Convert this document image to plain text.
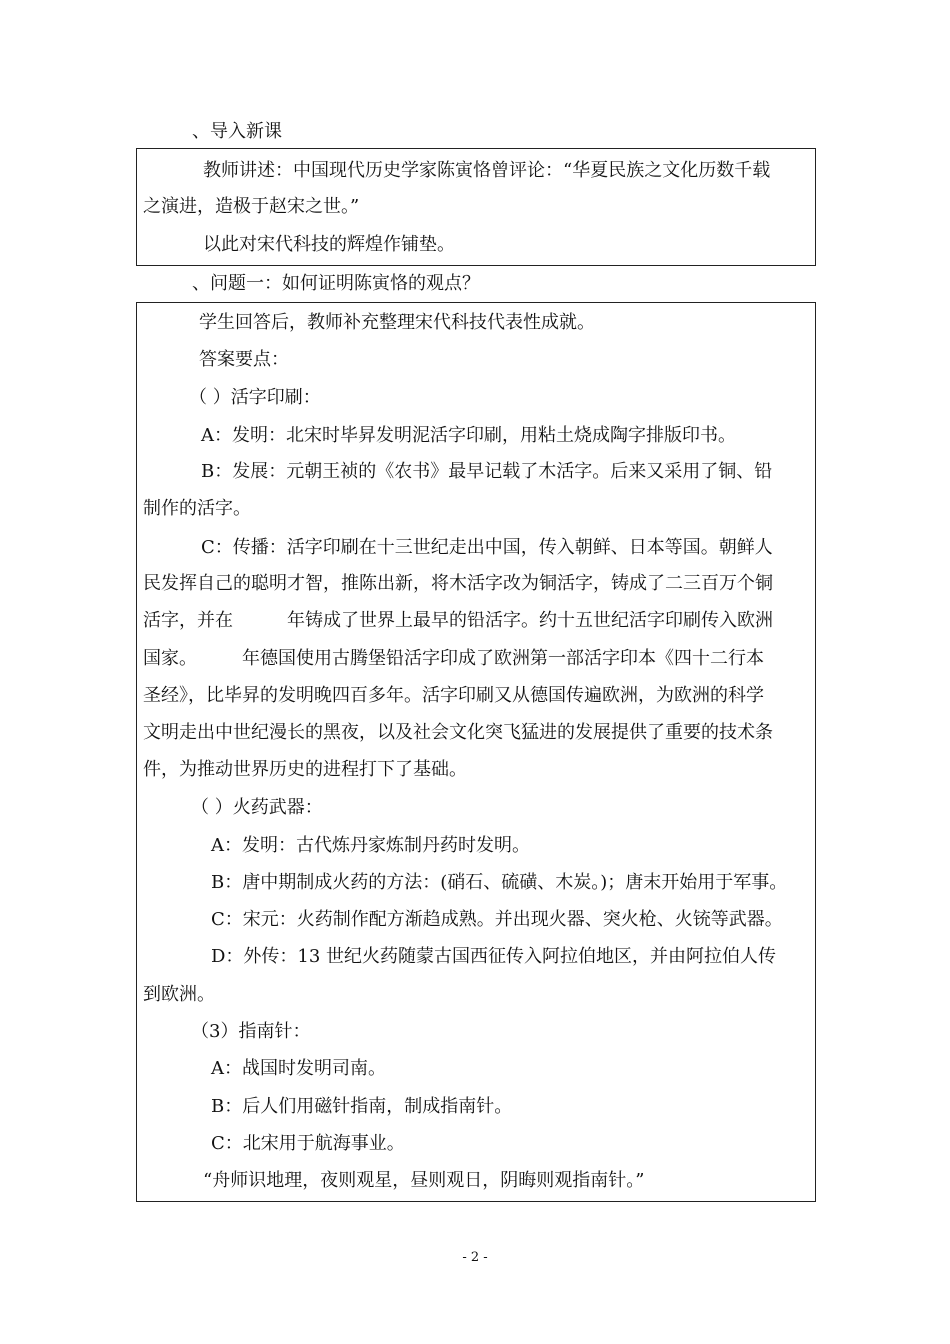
、导入新课
教师讲述：中国现代历史学家陈寅恪曾评论：“华夏民族之文化历数千载
之演进，造极于赵宋之世。”
以此对宋代科技的辉煌作铺垫。
、问题一：如何证明陈寅恪的观点？
学生回答后，教师补充整理宋代科技代表性成就。
答案要点：
（ ）活字印刷：
A：发明：北宋时毕昇发明泥活字印刷，用粘土烧成陶字排版印书。
B：发展：元朝王祯的《农书》最早记载了木活字。后来又采用了铜、铅
制作的活字。
C：传播：活字印刷在十三世纪走出中国，传入朝鲜、日本等国。朝鲜人
民发挥自己的聪明才智，推陈出新，将木活字改为铜活字，铸成了二三百万个铜
活字，并在　　　年铸成了世界上最早的铅活字。约十五世纪活字印刷传入欧洲
国家。　　　年德国使用古腾堡铅活字印成了欧洲第一部活字印本《四十二行本
圣经》，比毕昇的发明晚四百多年。活字印刷又从德国传遍欧洲，为欧洲的科学
文明走出中世纪漫长的黑夜，以及社会文化突飞猛进的发展提供了重要的技术条
件，为推动世界历史的进程打下了基础。
（ ）火药武器：
A：发明：古代炼丹家炼制丹药时发明。
B：唐中期制成火药的方法：(硝石、硫磺、木炭。)；唐末开始用于军事。
C：宋元：火药制作配方渐趋成熟。并出现火器、突火枪、火铳等武器。
D：外传：13 世纪火药随蒙古国西征传入阿拉伯地区，并由阿拉伯人传
到欧洲。
（3）指南针：
A：战国时发明司南。
B：后人们用磁针指南，制成指南针。
C：北宋用于航海事业。
“舟师识地理，夜则观星，昼则观日，阴晦则观指南针。”
- 2 -
